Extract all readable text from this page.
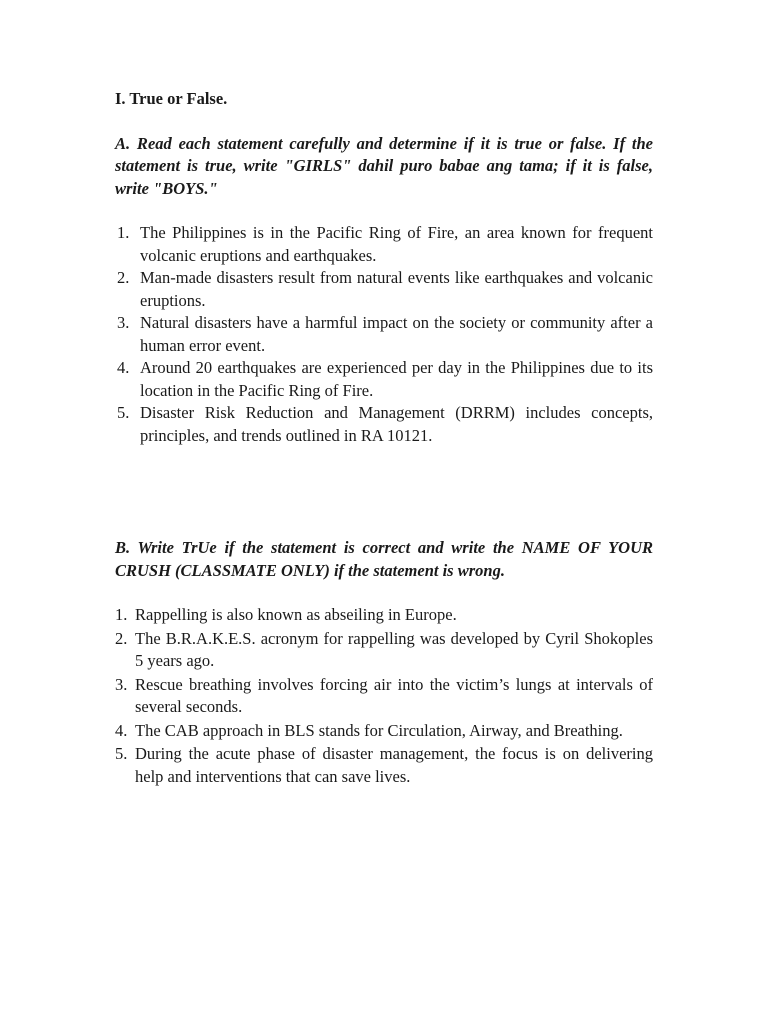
I. True or False.

A. Read each statement carefully and determine if it is true or false. If the statement is true, write "GIRLS" dahil puro babae ang tama; if it is false, write "BOYS."

1. The Philippines is in the Pacific Ring of Fire, an area known for frequent volcanic eruptions and earthquakes.
2. Man-made disasters result from natural events like earthquakes and volcanic eruptions.
3. Natural disasters have a harmful impact on the society or community after a human error event.
4. Around 20 earthquakes are experienced per day in the Philippines due to its location in the Pacific Ring of Fire.
5. Disaster Risk Reduction and Management (DRRM) includes concepts, principles, and trends outlined in RA 10121.

B. Write TrUe if the statement is correct and write the NAME OF YOUR CRUSH (CLASSMATE ONLY) if the statement is wrong.

1. Rappelling is also known as abseiling in Europe.
2. The B.R.A.K.E.S. acronym for rappelling was developed by Cyril Shokoples 5 years ago.
3. Rescue breathing involves forcing air into the victim’s lungs at intervals of several seconds.
4. The CAB approach in BLS stands for Circulation, Airway, and Breathing.
5. During the acute phase of disaster management, the focus is on delivering help and interventions that can save lives.
